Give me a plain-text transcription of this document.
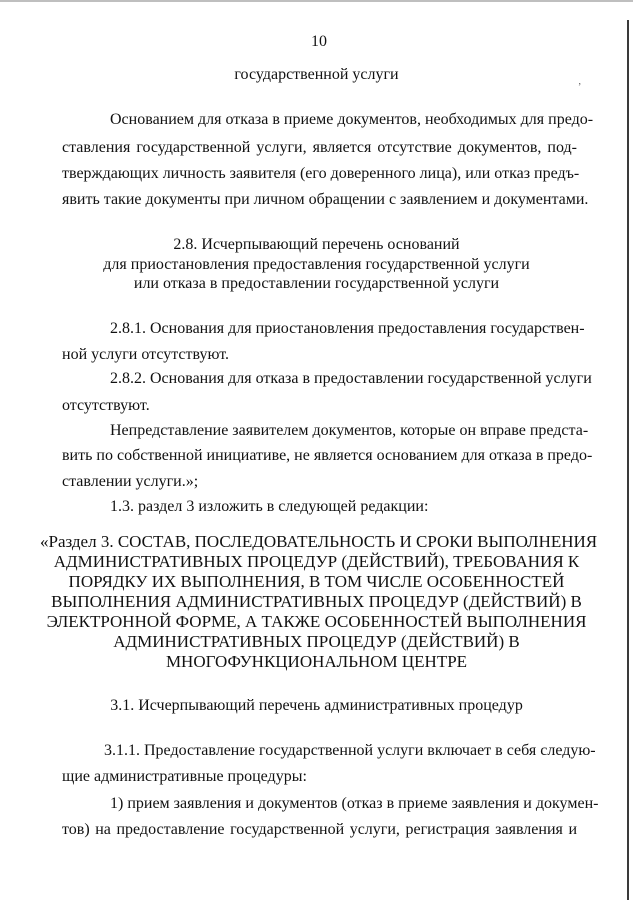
’
10
государственной услуги
Основанием для отказа в приеме документов, необходимых для предо-
ставления государственной услуги, является отсутствие документов, под-
тверждающих личность заявителя (его доверенного лица), или отказ предъ-
явить такие документы при личном обращении с заявлением и документами.
2.8. Исчерпывающий перечень оснований
для приостановления предоставления государственной услуги
или отказа в предоставлении государственной услуги
2.8.1. Основания для приостановления предоставления государствен-
ной услуги отсутствуют.
2.8.2. Основания для отказа в предоставлении государственной услуги
отсутствуют.
Непредставление заявителем документов, которые он вправе предста-
вить по собственной инициативе, не является основанием для отказа в предо-
ставлении услуги.»;
1.3. раздел 3 изложить в следующей редакции:
«Раздел 3. СОСТАВ, ПОСЛЕДОВАТЕЛЬНОСТЬ И СРОКИ ВЫПОЛНЕНИЯ
АДМИНИСТРАТИВНЫХ ПРОЦЕДУР (ДЕЙСТВИЙ), ТРЕБОВАНИЯ К
ПОРЯДКУ ИХ ВЫПОЛНЕНИЯ, В ТОМ ЧИСЛЕ ОСОБЕННОСТЕЙ
ВЫПОЛНЕНИЯ АДМИНИСТРАТИВНЫХ ПРОЦЕДУР (ДЕЙСТВИЙ) В
ЭЛЕКТРОННОЙ ФОРМЕ, А ТАКЖЕ ОСОБЕННОСТЕЙ ВЫПОЛНЕНИЯ
АДМИНИСТРАТИВНЫХ ПРОЦЕДУР (ДЕЙСТВИЙ) В
МНОГОФУНКЦИОНАЛЬНОМ ЦЕНТРЕ
3.1. Исчерпывающий перечень административных процедур
3.1.1. Предоставление государственной услуги включает в себя следую-
щие административные процедуры:
1) прием заявления и документов (отказ в приеме заявления и докумен-
тов) на предоставление государственной услуги, регистрация заявления и
